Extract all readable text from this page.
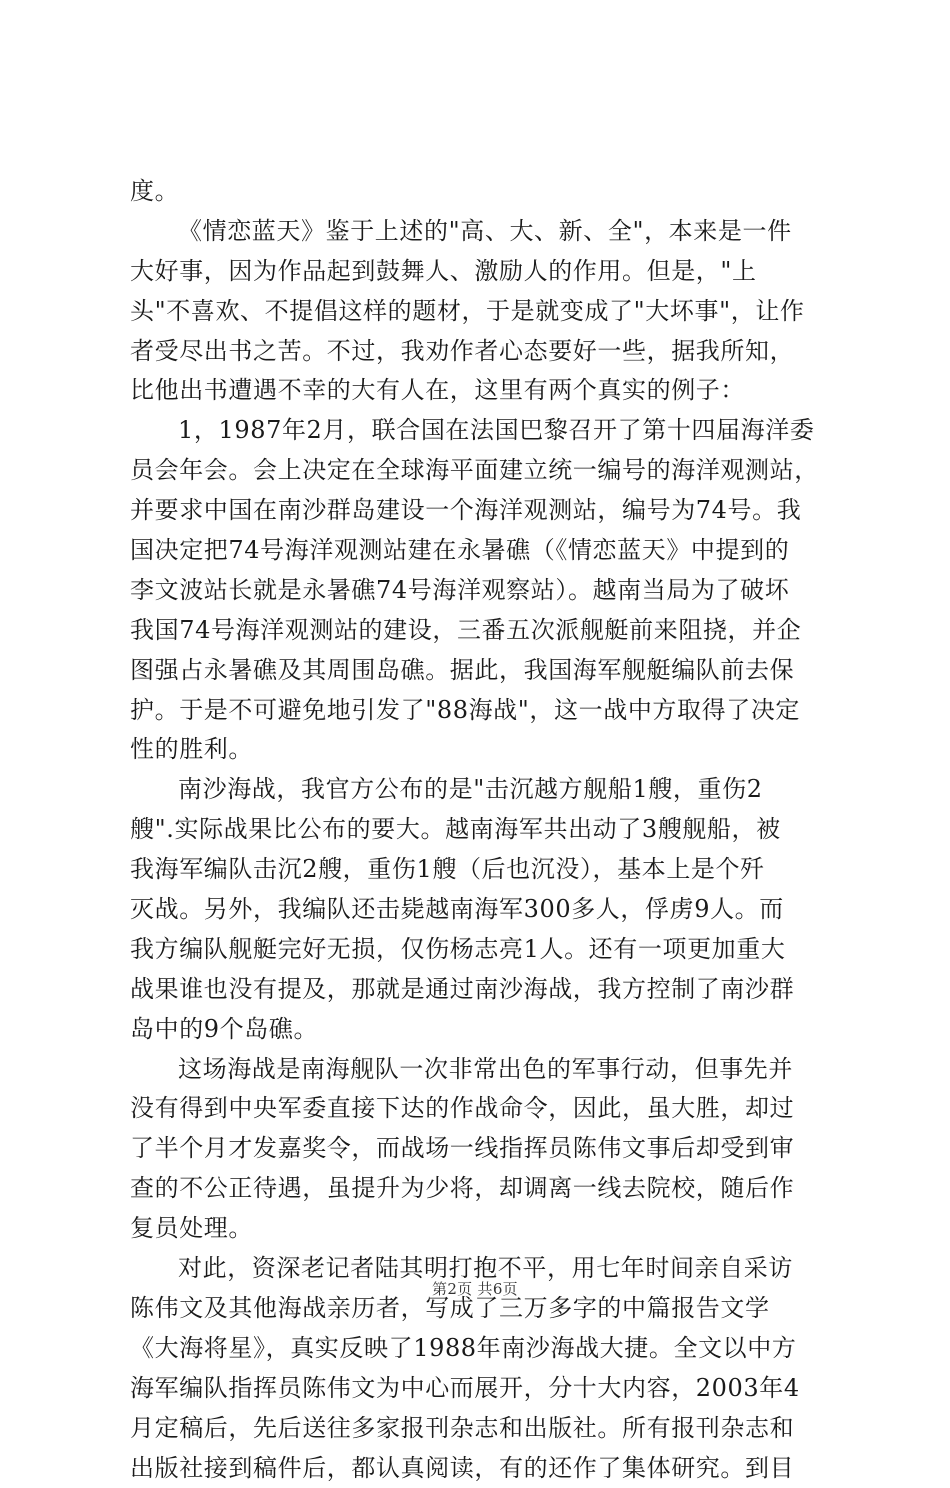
度。
《情恋蓝天》鉴于上述的"高、大、新、全"，本来是一件
大好事，因为作品起到鼓舞人、激励人的作用。但是，"上
头"不喜欢、不提倡这样的题材，于是就变成了"大坏事"，让作
者受尽出书之苦。不过，我劝作者心态要好一些，据我所知，
比他出书遭遇不幸的大有人在，这里有两个真实的例子：
1，1987年2月，联合国在法国巴黎召开了第十四届海洋委
员会年会。会上决定在全球海平面建立统一编号的海洋观测站，
并要求中国在南沙群岛建设一个海洋观测站，编号为74号。我
国决定把74号海洋观测站建在永暑礁（《情恋蓝天》中提到的
李文波站长就是永暑礁74号海洋观察站）。越南当局为了破坏
我国74号海洋观测站的建设，三番五次派舰艇前来阻挠，并企
图强占永暑礁及其周围岛礁。据此，我国海军舰艇编队前去保
护。于是不可避免地引发了"88海战"，这一战中方取得了决定
性的胜利。
南沙海战，我官方公布的是"击沉越方舰船1艘，重伤2
艘".实际战果比公布的要大。越南海军共出动了3艘舰船，被
我海军编队击沉2艘，重伤1艘（后也沉没），基本上是个歼
灭战。另外，我编队还击毙越南海军300多人，俘虏9人。而
我方编队舰艇完好无损，仅伤杨志亮1人。还有一项更加重大
战果谁也没有提及，那就是通过南沙海战，我方控制了南沙群
岛中的9个岛礁。
这场海战是南海舰队一次非常出色的军事行动，但事先并
没有得到中央军委直接下达的作战命令，因此，虽大胜，却过
了半个月才发嘉奖令，而战场一线指挥员陈伟文事后却受到审
查的不公正待遇，虽提升为少将，却调离一线去院校，随后作
复员处理。
对此，资深老记者陆其明打抱不平，用七年时间亲自采访
陈伟文及其他海战亲历者，写成了三万多字的中篇报告文学
《大海将星》，真实反映了1988年南沙海战大捷。全文以中方
海军编队指挥员陈伟文为中心而展开，分十大内容，2003年4
月定稿后，先后送往多家报刊杂志和出版社。所有报刊杂志和
出版社接到稿件后，都认真阅读，有的还作了集体研究。到目
第2页 共6页
